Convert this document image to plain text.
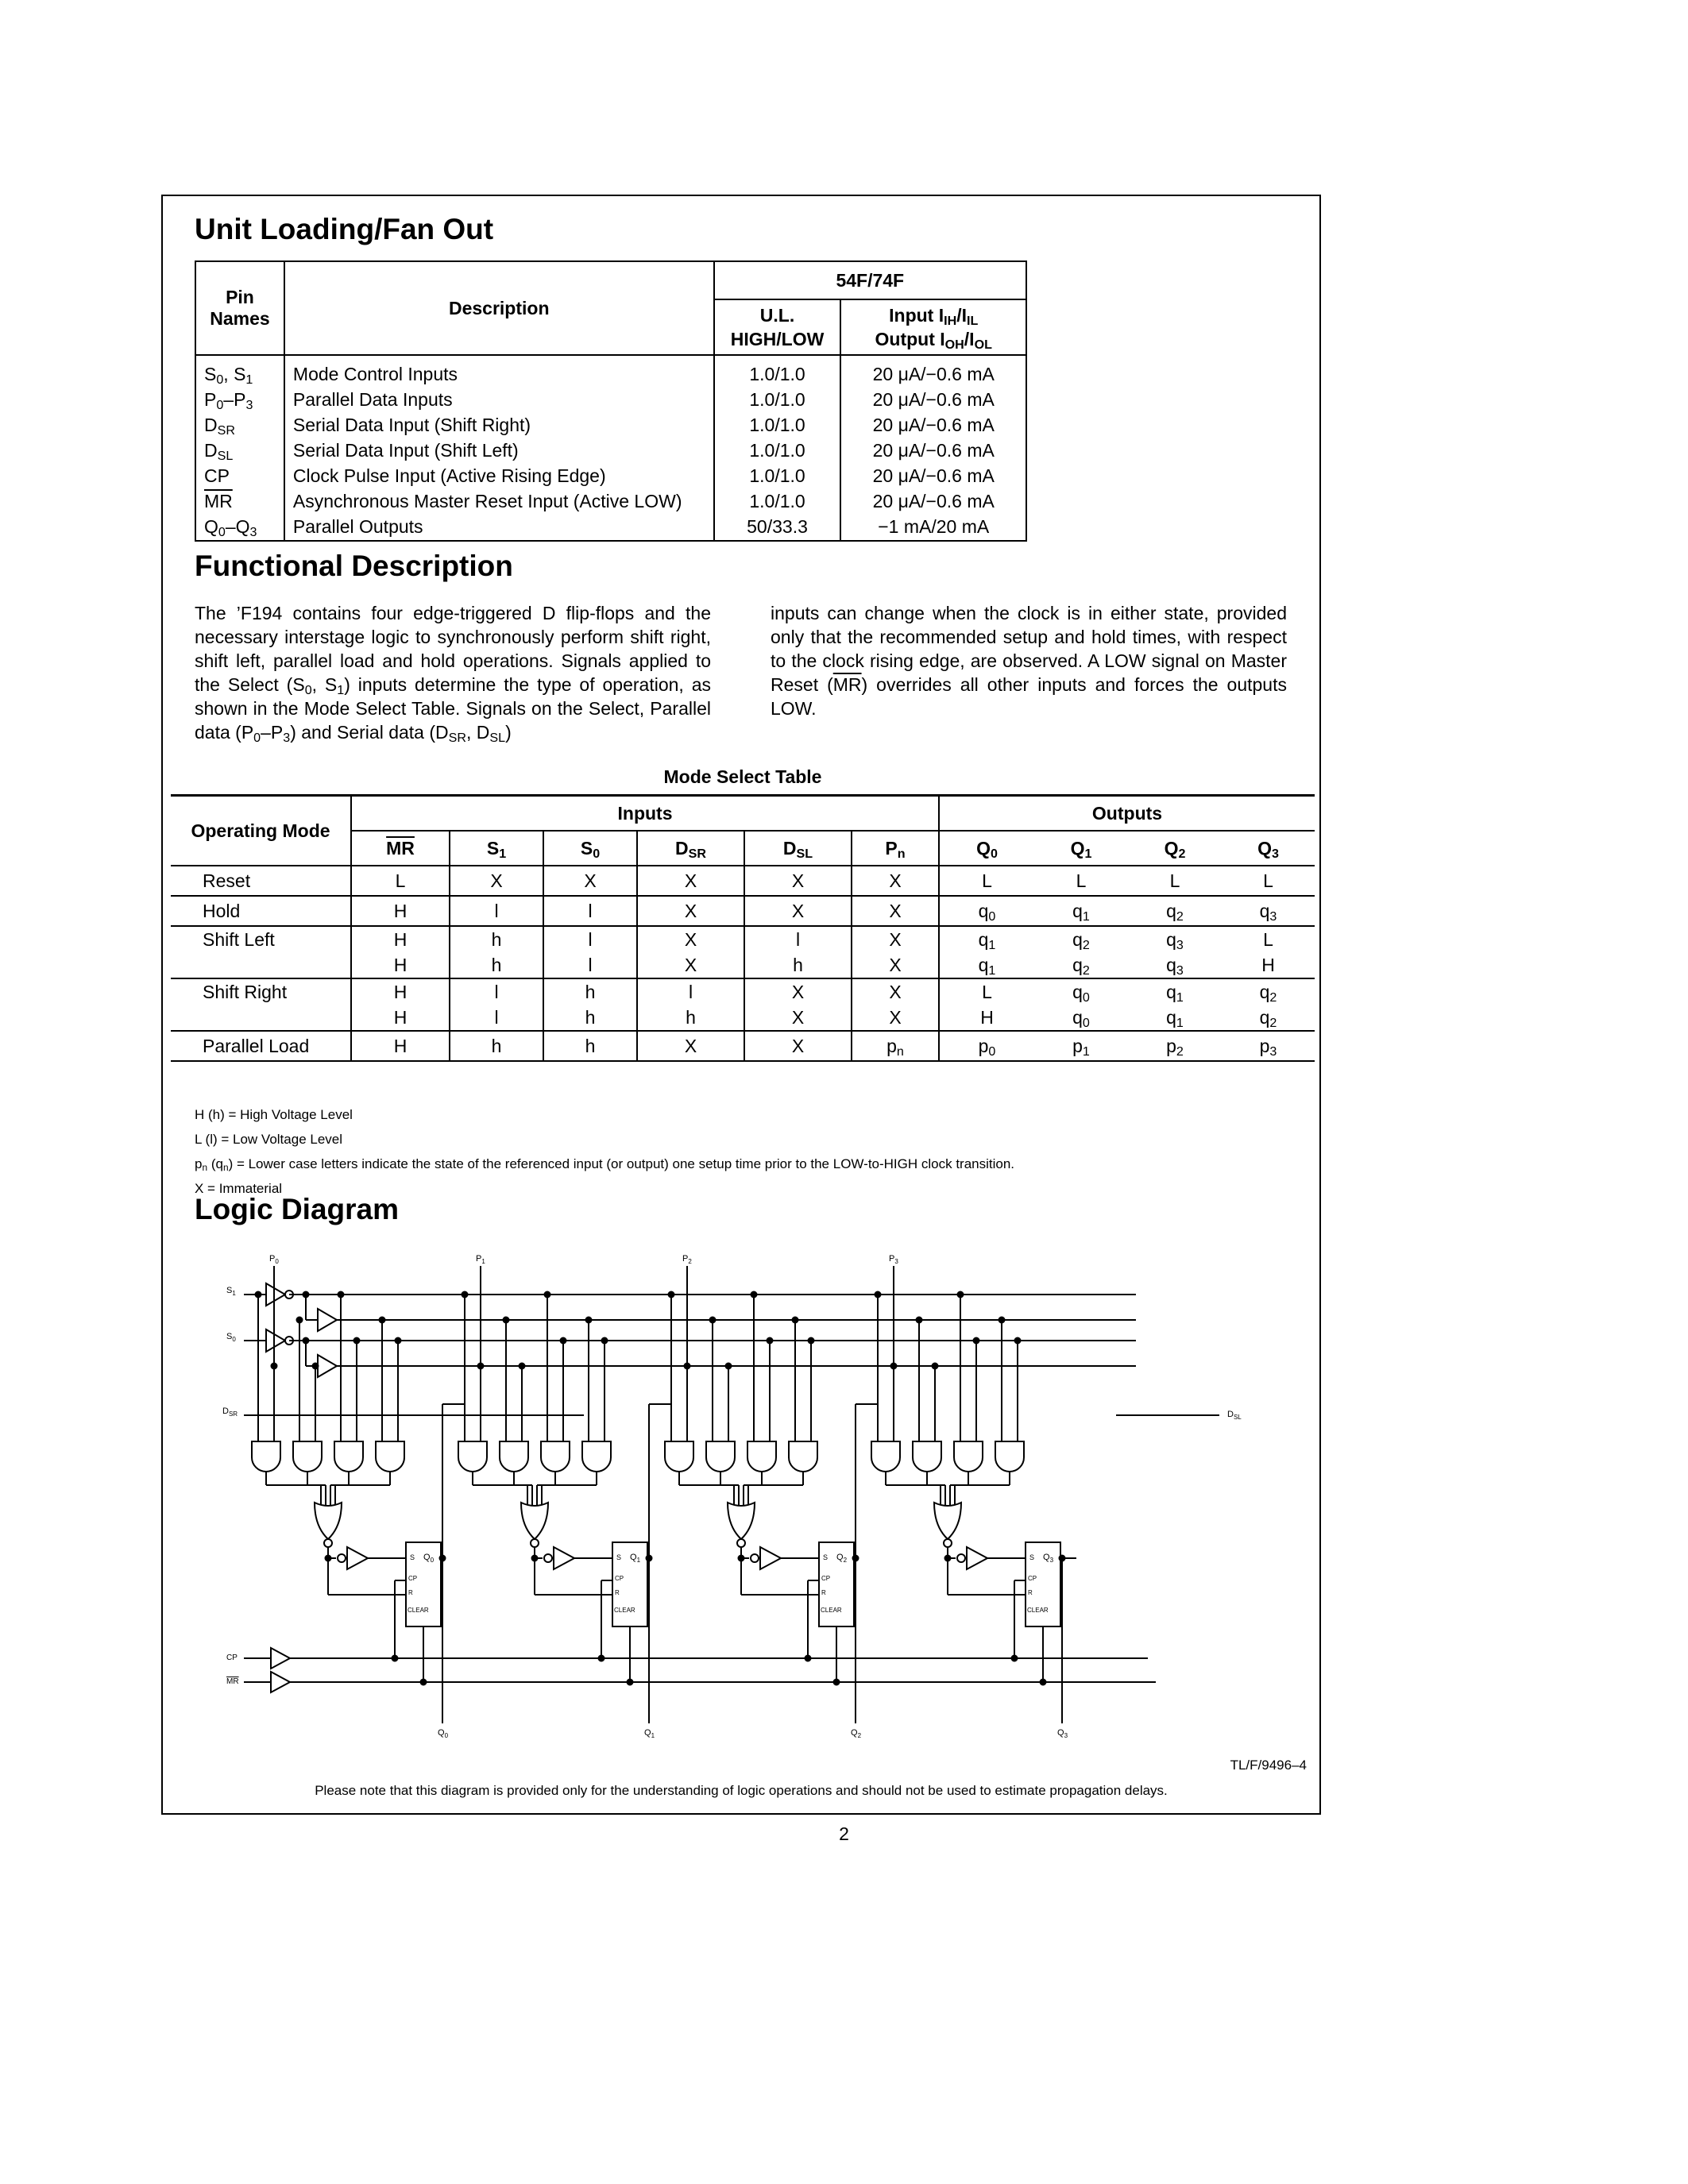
Unit Loading/Fan Out
Pin Names	Description	54F/74F	
		U.L. HIGH/LOW	Input $I_{IH}/I_{IL}$
Output $I_{OH}/I_{OL}$
$S_0$, $S_1$	Mode Control Inputs	1.0/1.0	20 μA/−0.6 mA
$P_0-P_3$	Parallel Data Inputs	1.0/1.0	20 μA/−0.6 mA
$D_{SR}$	Serial Data Input (Shift Right)	1.0/1.0	20 μA/−0.6 mA
$D_{SL}$	Serial Data Input (Shift Left)	1.0/1.0	20 μA/−0.6 mA
CP	Clock Pulse Input (Active Rising Edge)	1.0/1.0	20 μA/−0.6 mA
$\overline{MR}$	Asynchronous Master Reset Input (Active LOW)	1.0/1.0	20 μA/−0.6 mA
$Q_0-Q_3$	Parallel Outputs	50/33.3	−1 mA/20 mA
Functional Description
The ’F194 contains four edge-triggered D flip-flops and the necessary interstage logic to synchronously perform shift right, shift left, parallel load and hold operations. Signals applied to the Select ($S_0$, $S_1$) inputs determine the type of operation, as shown in the Mode Select Table. Signals on the Select, Parallel data $(P_0-P_3)$ and Serial data ($D_{SR}$, $D_{SL}$)
inputs can change when the clock is in either state, provided only that the recommended setup and hold times, with respect to the clock rising edge, are observed. A LOW signal on Master Reset $(\overline{MR})$ overrides all other inputs and forces the outputs LOW.
Mode Select Table
Operating Mode	Inputs						Outputs			
	$\overline{MR}$	$S_1$	$S_0$	$D_{SR}$	$D_{SL}$	$P_n$	$Q_0$	$Q_1$	$Q_2$	$Q_3$
Reset	L	X	X	X	X	X	L	L	L	L
Hold	H	l	l	X	X	X	$q_0$	$q_1$	$q_2$	$q_3$
Shift Left	H	h	l	X	l	X	$q_1$	$q_2$	$q_3$	L
	H	h	l	X	h	X	$q_1$	$q_2$	$q_3$	H
Shift Right	H	l	h	l	X	X	L	$q_0$	$q_1$	$q_2$
	H	l	h	h	X	X	H	$q_0$	$q_1$	$q_2$
Parallel Load	H	h	h	X	X	$p_n$	$p_0$	$p_1$	$p_2$	$p_3$
H (h) = High Voltage Level
L (l) = Low Voltage Level
$p_n$ $(q_n)$ = Lower case letters indicate the state of the referenced input (or output) one setup time prior to the LOW-to-HIGH clock transition.
X = Immaterial
Logic Diagram
$S_1$
$S_0$
$D_{SR}$
CP
MR
$D_{SL}$
$P_0$
S $Q_0$
CP
R
CLEAR
$Q_0$
$P_1$
S $Q_1$
CP
R
CLEAR
$Q_1$
$P_2$
S $Q_2$
CP
R
CLEAR
$Q_2$
$P_3$
S $Q_3$
CP
R
CLEAR
$Q_3$
TL/F/9496–4
Please note that this diagram is provided only for the understanding of logic operations and should not be used to estimate propagation delays.
2
